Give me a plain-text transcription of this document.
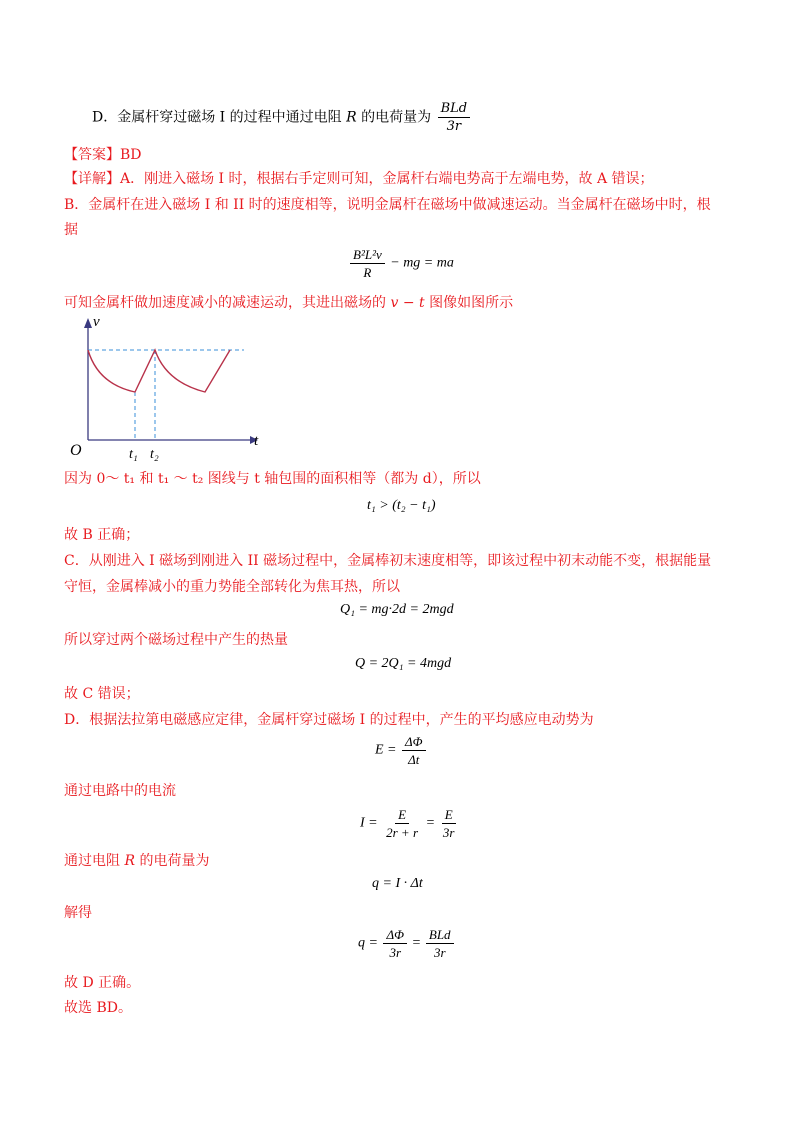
D．金属杆穿过磁场 I 的过程中通过电阻 R 的电荷量为 $\frac{\text{BLd}}{3r}$
【答案】BD
【详解】A．刚进入磁场 I 时，根据右手定则可知，金属杆右端电势高于左端电势，故 A 错误；
B．金属杆在进入磁场 I 和 II 时的速度相等，说明金属杆在磁场中做减速运动。当金属杆在磁场中时，根
据
$\frac{\text{B²L²v}}{R}$ − mg = ma
可知金属杆做加速度减小的减速运动，其进出磁场的 v − t 图像如图所示
v
t
O	t₁ t₂
因为 0～ t₁ 和 t₁ ～ t₂ 图线与 t 轴包围的面积相等（都为 d），所以
t₁ > (t₂ − t₁)
故 B 正确；
C．从刚进入 I 磁场到刚进入 II 磁场过程中，金属棒初末速度相等，即该过程中初末动能不变，根据能量
守恒，金属棒减小的重力势能全部转化为焦耳热，所以
Q₁ = mg·2d = 2mgd
所以穿过两个磁场过程中产生的热量
Q = 2Q₁ = 4mgd
故 C 错误；
D．根据法拉第电磁感应定律，金属杆穿过磁场 I 的过程中，产生的平均感应电动势为
$E = \frac{\Delta\Phi}{\Delta t}$
通过电路中的电流
$I = \frac{E}{2r + r} = \frac{E}{3r}$
通过电阻 R 的电荷量为
q = I · Δt
解得
$q = \frac{\Delta\Phi}{3r} = \frac{\text{BLd}}{3r}$
故 D 正确。
故选 BD。
